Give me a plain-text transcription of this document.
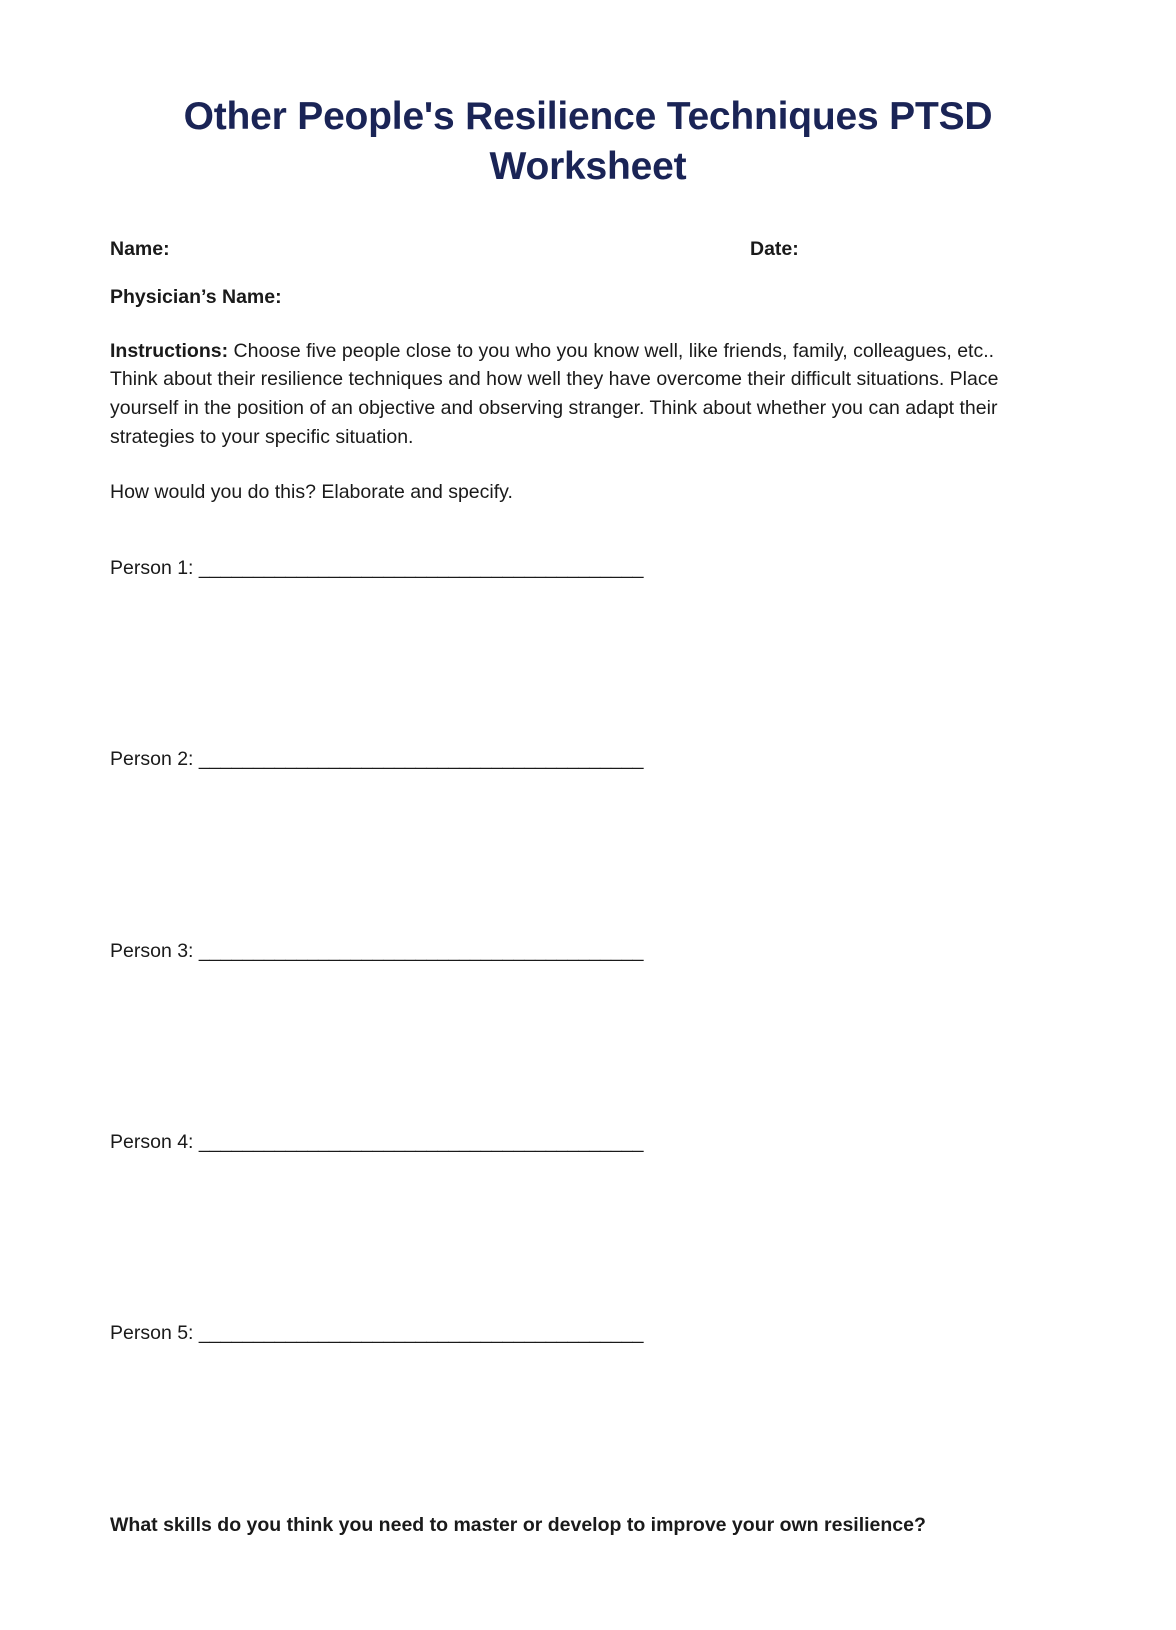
Other People's Resilience Techniques PTSD Worksheet
Name:	Date:
Physician’s Name:

Instructions: Choose five people close to you who you know well, like friends, family, colleagues, etc.. Think about their resilience techniques and how well they have overcome their difficult situations. Place yourself in the position of an objective and observing stranger. Think about whether you can adapt their strategies to your specific situation.

How would you do this? Elaborate and specify.

Person 1: _________________________________________
Person 2: _________________________________________
Person 3: _________________________________________
Person 4: _________________________________________
Person 5: _________________________________________
What skills do you think you need to master or develop to improve your own resilience?
